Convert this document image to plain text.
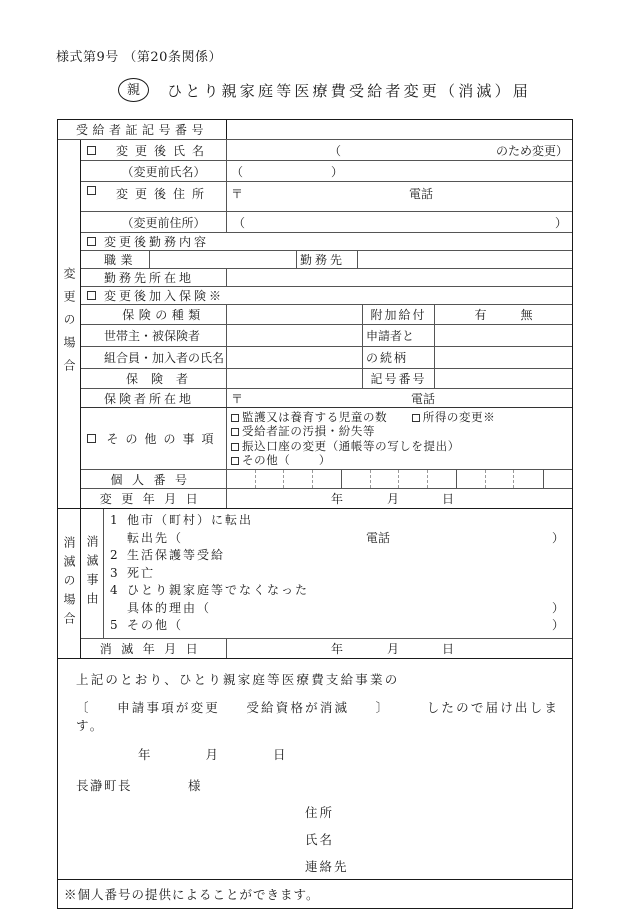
様式第9号 （第20条関係）
親	ひとり親家庭等医療費受給者変更（消滅）届
受給者証記号番号
変更の場合
変更後氏名	（	のため変更）
（変更前氏名） （	）
変更後住所 〒	電話
（変更前住所） （	）
変更後勤務内容
職業	勤務先
勤務先所在地
変更後加入保険※
保険の種類	附加給付	有	無
世帯主・被保険者	申請者と
組合員・加入者の氏名	の続柄
保険者	記号番号
保険者所在地	〒	電話
その他の事項
監護又は養育する児童の数	所得の変更※
受給者証の汚損・紛失等
振込口座の変更（通帳等の写しを提出）
その他（ 　　）
個人番号
変更年月日	年	月	日
消滅の場合 消滅事由
1 他市（町村）に転出
転出先（	電話	）
2 生活保護等受給
3 死亡
4 ひとり親家庭等でなくなった
具体的理由（	）
5 その他（	）
消滅年月日	年	月	日
上記のとおり、ひとり親家庭等医療費支給事業の
〔 申請事項が変更 受給資格が消滅 〕	したので届け出します。
年　　　　月　　　　日
長瀞町長　　　　様
住所
氏名
連絡先
※個人番号の提供によることができます。
